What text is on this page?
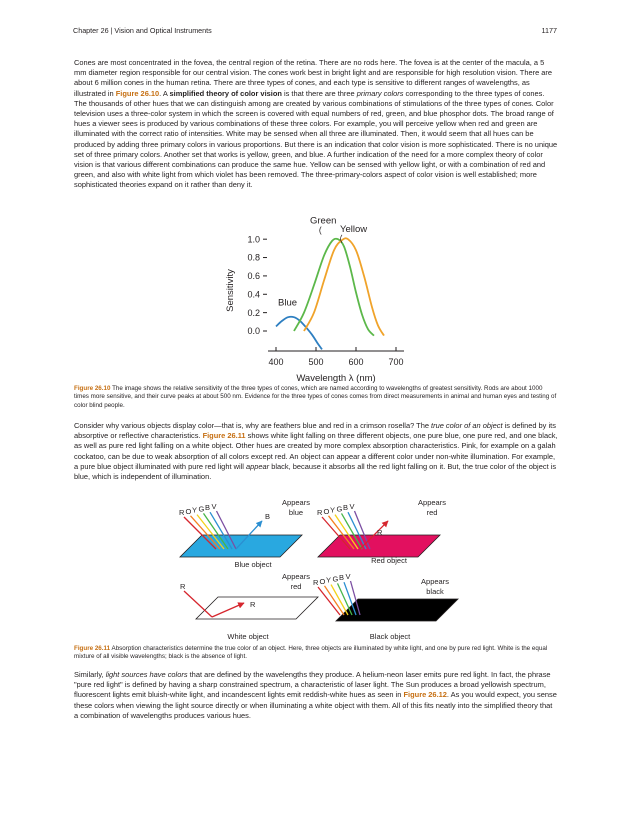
Chapter 26 | Vision and Optical Instruments	1177

Cones are most concentrated in the fovea, the central region of the retina. There are no rods here. The fovea is at the center of the macula, a 5 mm diameter region responsible for our central vision. The cones work best in bright light and are responsible for high resolution vision. There are about 6 million cones in the human retina. There are three types of cones, and each type is sensitive to different ranges of wavelengths, as illustrated in Figure 26.10. A simplified theory of color vision is that there are three primary colors corresponding to the three types of cones. The thousands of other hues that we can distinguish among are created by various combinations of stimulations of the three types of cones. Color television uses a three-color system in which the screen is covered with equal numbers of red, green, and blue phosphor dots. The broad range of hues a viewer sees is produced by various combinations of these three colors. For example, you will perceive yellow when red and green are illuminated with the correct ratio of intensities. White may be sensed when all three are illuminated. Then, it would seem that all hues can be produced by adding three primary colors in various proportions. But there is an indication that color vision is more sophisticated. There is no unique set of three primary colors. Another set that works is yellow, green, and blue. A further indication of the need for a more complex theory of color vision is that various different combinations can produce the same hue. Yellow can be sensed with yellow light, or with a combination of red and green, and also with white light from which violet has been removed. The three-primary-colors aspect of color vision is well established; more sophisticated theories expand on it rather than deny it.

400	500	600	700
0.0
0.2
0.4
0.6
0.8
1.0
Wavelength λ (nm)
Sensitivity	Blue
Green
Yellow

Figure 26.10 The image shows the relative sensitivity of the three types of cones, which are named according to wavelengths of greatest sensitivity. Rods are about 1000 times more sensitive, and their curve peaks at about 500 nm. Evidence for the three types of cones comes from direct measurements in animal and human eyes and testing of color blind people.

Consider why various objects display color—that is, why are feathers blue and red in a crimson rosella? The true color of an object is defined by its absorptive or reflective characteristics. Figure 26.11 shows white light falling on three different objects, one pure blue, one pure red, and one black, as well as pure red light falling on a white object. Other hues are created by more complex absorption characteristics. Pink, for example on a galah cockatoo, can be due to weak absorption of all colors except red. An object can appear a different color under non-white illumination. For example, a pure blue object illuminated with pure red light will appear black, because it absorbs all the red light falling on it. But, the true color of the object is blue, which is independent of illumination.

R O Y G B V
B
Appears
blue
Blue object
R O Y G B V
R
Appears
red
Red object
R
R
Appears
red
White object
R O Y G B V
Appears
black
Black object

Figure 26.11 Absorption characteristics determine the true color of an object. Here, three objects are illuminated by white light, and one by pure red light. White is the equal mixture of all visible wavelengths; black is the absence of light.

Similarly, light sources have colors that are defined by the wavelengths they produce. A helium-neon laser emits pure red light. In fact, the phrase "pure red light" is defined by having a sharp constrained spectrum, a characteristic of laser light. The Sun produces a broad yellowish spectrum, fluorescent lights emit bluish-white light, and incandescent lights emit reddish-white hues as seen in Figure 26.12. As you would expect, you sense these colors when viewing the light source directly or when illuminating a white object with them. All of this fits neatly into the simplified theory that a combination of wavelengths produces various hues.
